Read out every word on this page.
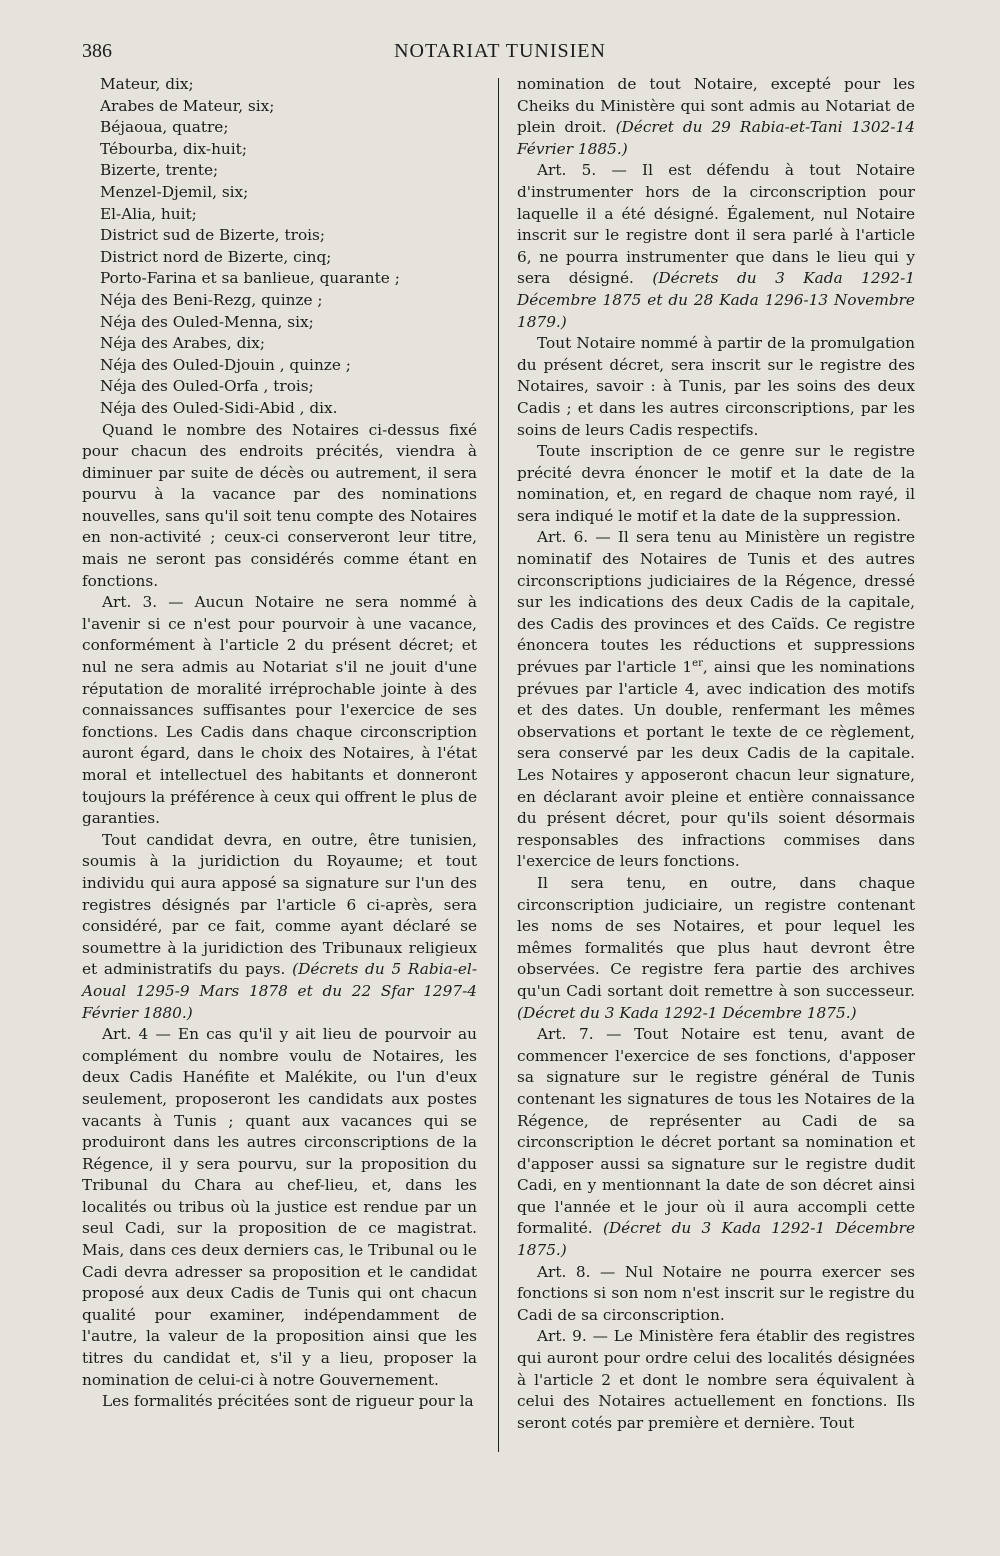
386	NOTARIAT TUNISIEN
Mateur, dix;
Arabes de Mateur, six;
Béjaoua, quatre;
Tébourba, dix-huit;
Bizerte, trente;
Menzel-Djemil, six;
El-Alia, huit;
District sud de Bizerte, trois;
District nord de Bizerte, cinq;
Porto-Farina et sa banlieue, quarante ;
Néja des Beni-Rezg, quinze ;
Néja des Ouled-Menna, six;
Néja des Arabes, dix;
Néja des Ouled-Djouin , quinze ;
Néja des Ouled-Orfa , trois;
Néja des Ouled-Sidi-Abid , dix.

Quand le nombre des Notaires ci-dessus fixé pour chacun des endroits précités, viendra à diminuer par suite de décès ou autrement, il sera pourvu à la vacance par des nominations nouvelles, sans qu'il soit tenu compte des Notaires en non-activité ; ceux-ci conserveront leur titre, mais ne seront pas considérés comme étant en fonctions.

Art. 3. — Aucun Notaire ne sera nommé à l'avenir si ce n'est pour pourvoir à une vacance, conformément à l'article 2 du présent décret; et nul ne sera admis au Notariat s'il ne jouit d'une réputation de moralité irréprochable jointe à des connaissances suffisantes pour l'exercice de ses fonctions. Les Cadis dans chaque circonscription auront égard, dans le choix des Notaires, à l'état moral et intellectuel des habitants et donneront toujours la préférence à ceux qui offrent le plus de garanties.

Tout candidat devra, en outre, être tunisien, soumis à la juridiction du Royaume; et tout individu qui aura apposé sa signature sur l'un des registres désignés par l'article 6 ci-après, sera considéré, par ce fait, comme ayant déclaré se soumettre à la juridiction des Tribunaux religieux et administratifs du pays. (Décrets du 5 Rabia-el-Aoual 1295-9 Mars 1878 et du 22 Sfar 1297-4 Février 1880.)

Art. 4 — En cas qu'il y ait lieu de pourvoir au complément du nombre voulu de Notaires, les deux Cadis Hanéfite et Malékite, ou l'un d'eux seulement, proposeront les candidats aux postes vacants à Tunis ; quant aux vacances qui se produiront dans les autres circonscriptions de la Régence, il y sera pourvu, sur la proposition du Tribunal du Chara au chef-lieu, et, dans les localités ou tribus où la justice est rendue par un seul Cadi, sur la proposition de ce magistrat. Mais, dans ces deux derniers cas, le Tribunal ou le Cadi devra adresser sa proposition et le candidat proposé aux deux Cadis de Tunis qui ont chacun qualité pour examiner, indépendamment de l'autre, la valeur de la proposition ainsi que les titres du candidat et, s'il y a lieu, proposer la nomination de celui-ci à notre Gouvernement.

Les formalités précitées sont de rigueur pour la

nomination de tout Notaire, excepté pour les Cheiks du Ministère qui sont admis au Notariat de plein droit. (Décret du 29 Rabia-et-Tani 1302-14 Février 1885.)

Art. 5. — Il est défendu à tout Notaire d'instrumenter hors de la circonscription pour laquelle il a été désigné. Également, nul Notaire inscrit sur le registre dont il sera parlé à l'article 6, ne pourra instrumenter que dans le lieu qui y sera désigné. (Décrets du 3 Kada 1292-1 Décembre 1875 et du 28 Kada 1296-13 Novembre 1879.)

Tout Notaire nommé à partir de la promulgation du présent décret, sera inscrit sur le registre des Notaires, savoir : à Tunis, par les soins des deux Cadis ; et dans les autres circonscriptions, par les soins de leurs Cadis respectifs.

Toute inscription de ce genre sur le registre précité devra énoncer le motif et la date de la nomination, et, en regard de chaque nom rayé, il sera indiqué le motif et la date de la suppression.

Art. 6. — Il sera tenu au Ministère un registre nominatif des Notaires de Tunis et des autres circonscriptions judiciaires de la Régence, dressé sur les indications des deux Cadis de la capitale, des Cadis des provinces et des Caïds. Ce registre énoncera toutes les réductions et suppressions prévues par l'article 1er, ainsi que les nominations prévues par l'article 4, avec indication des motifs et des dates. Un double, renfermant les mêmes observations et portant le texte de ce règlement, sera conservé par les deux Cadis de la capitale. Les Notaires y apposeront chacun leur signature, en déclarant avoir pleine et entière connaissance du présent décret, pour qu'ils soient désormais responsables des infractions commises dans l'exercice de leurs fonctions.

Il sera tenu, en outre, dans chaque circonscription judiciaire, un registre contenant les noms de ses Notaires, et pour lequel les mêmes formalités que plus haut devront être observées. Ce registre fera partie des archives qu'un Cadi sortant doit remettre à son successeur. (Décret du 3 Kada 1292-1 Décembre 1875.)

Art. 7. — Tout Notaire est tenu, avant de commencer l'exercice de ses fonctions, d'apposer sa signature sur le registre général de Tunis contenant les signatures de tous les Notaires de la Régence, de représenter au Cadi de sa circonscription le décret portant sa nomination et d'apposer aussi sa signature sur le registre dudit Cadi, en y mentionnant la date de son décret ainsi que l'année et le jour où il aura accompli cette formalité. (Décret du 3 Kada 1292-1 Décembre 1875.)

Art. 8. — Nul Notaire ne pourra exercer ses fonctions si son nom n'est inscrit sur le registre du Cadi de sa circonscription.

Art. 9. — Le Ministère fera établir des registres qui auront pour ordre celui des localités désignées à l'article 2 et dont le nombre sera équivalent à celui des Notaires actuellement en fonctions. Ils seront cotés par première et dernière. Tout
